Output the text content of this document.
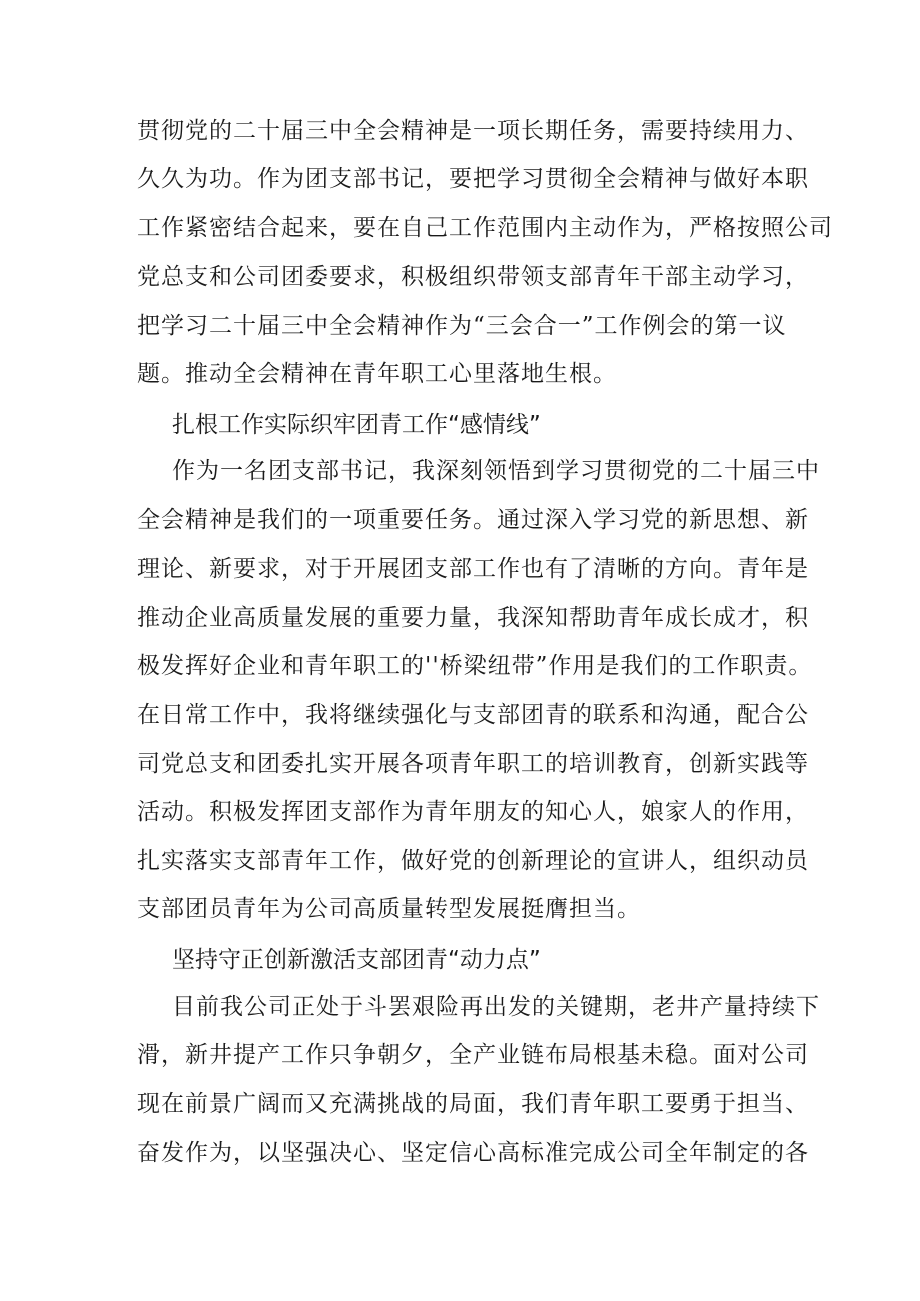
贯彻党的二十届三中全会精神是一项长期任务，需要持续用力、
久久为功。作为团支部书记，要把学习贯彻全会精神与做好本职
工作紧密结合起来，要在自己工作范围内主动作为，严格按照公司
党总支和公司团委要求，积极组织带领支部青年干部主动学习，
把学习二十届三中全会精神作为“三会合一”工作例会的第一议
题。推动全会精神在青年职工心里落地生根。
扎根工作实际织牢团青工作“感情线”
作为一名团支部书记，我深刻领悟到学习贯彻党的二十届三中
全会精神是我们的一项重要任务。通过深入学习党的新思想、新
理论、新要求，对于开展团支部工作也有了清晰的方向。青年是
推动企业高质量发展的重要力量，我深知帮助青年成长成才，积
极发挥好企业和青年职工的''桥梁纽带”作用是我们的工作职责。
在日常工作中，我将继续强化与支部团青的联系和沟通，配合公
司党总支和团委扎实开展各项青年职工的培训教育，创新实践等
活动。积极发挥团支部作为青年朋友的知心人，娘家人的作用，
扎实落实支部青年工作，做好党的创新理论的宣讲人，组织动员
支部团员青年为公司高质量转型发展挺膺担当。
坚持守正创新激活支部团青“动力点”
目前我公司正处于斗罢艰险再出发的关键期，老井产量持续下
滑，新井提产工作只争朝夕，全产业链布局根基未稳。面对公司
现在前景广阔而又充满挑战的局面，我们青年职工要勇于担当、
奋发作为，以坚强决心、坚定信心高标准完成公司全年制定的各
